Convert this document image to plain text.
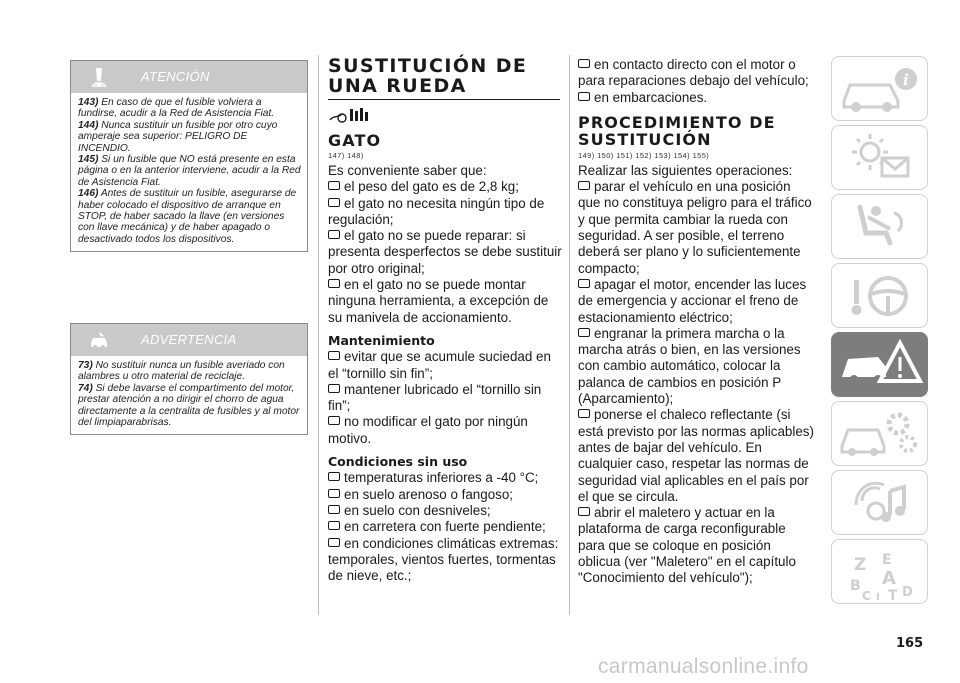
ATENCIÓN

143) En caso de que el fusible volviera a fundirse, acudir a la Red de Asistencia Fiat.

144) Nunca sustituir un fusible por otro cuyo amperaje sea superior: PELIGRO DE INCENDIO.

145) Si un fusible que NO está presente en esta página o en la anterior interviene, acudir a la Red de Asistencia Fiat.

146) Antes de sustituir un fusible, asegurarse de haber colocado el dispositivo de arranque en STOP, de haber sacado la llave (en versiones con llave mecánica) y de haber apagado o desactivado todos los dispositivos.

ADVERTENCIA

73) No sustituir nunca un fusible averiado con alambres u otro material de reciclaje.

74) Si debe lavarse el compartimento del motor, prestar atención a no dirigir el chorro de agua directamente a la centralita de fusibles y al motor del limpiaparabrisas.

SUSTITUCIÓN DE
UNA RUEDA
GATO
147) 148)

Es conveniente saber que:

el peso del gato es de 2,8 kg;

el gato no necesita ningún tipo de regulación;

el gato no se puede reparar: si presenta desperfectos se debe sustituir por otro original;

en el gato no se puede montar ninguna herramienta, a excepción de su manivela de accionamiento.

Mantenimiento

evitar que se acumule suciedad en el “tornillo sin fin”;

mantener lubricado el “tornillo sin fin”;

no modificar el gato por ningún motivo.

Condiciones sin uso

temperaturas inferiores a -40 °C;

en suelo arenoso o fangoso;

en suelo con desniveles;

en carretera con fuerte pendiente;

en condiciones climáticas extremas: temporales, vientos fuertes, tormentas de nieve, etc.;

en contacto directo con el motor o para reparaciones debajo del vehículo;

en embarcaciones.

PROCEDIMIENTO DE
SUSTITUCIÓN
149) 150) 151) 152) 153) 154) 155)

Realizar las siguientes operaciones:

parar el vehículo en una posición que no constituya peligro para el tráfico y que permita cambiar la rueda con seguridad. A ser posible, el terreno deberá ser plano y lo suficientemente compacto;

apagar el motor, encender las luces de emergencia y accionar el freno de estacionamiento eléctrico;

engranar la primera marcha o la marcha atrás o bien, en las versiones con cambio automático, colocar la palanca de cambios en posición P (Aparcamiento);

ponerse el chaleco reflectante (si está previsto por las normas aplicables) antes de bajar del vehículo. En cualquier caso, respetar las normas de seguridad vial aplicables en el país por el que se circula.

abrir el maletero y actuar en la plataforma de carga reconfigurable para que se coloque en posición oblicua (ver "Maletero" en el capítulo "Conocimiento del vehículo");

i
Z E
B A
C D
I T
165
carmanualsonline.info
